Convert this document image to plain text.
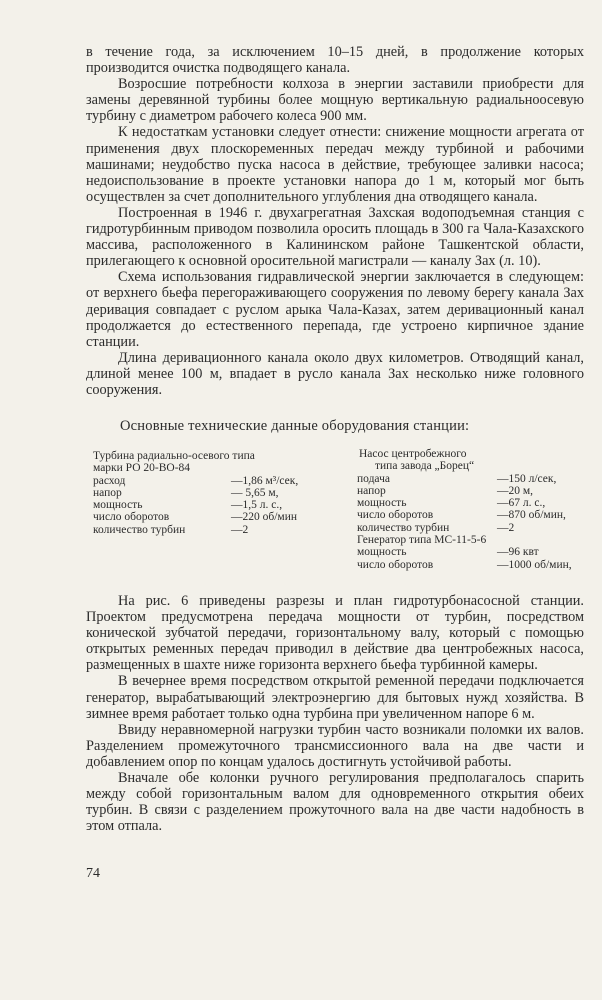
в течение года, за исключением 10–15 дней, в продолжение которых производится очистка подводящего канала.

Возросшие потребности колхоза в энергии заставили приобрести для замены деревянной турбины более мощную вертикальную радиальноосевую турбину с диаметром рабочего колеса 900 мм.

К недостаткам установки следует отнести: снижение мощности агрегата от применения двух плоскоременных передач между турбиной и рабочими машинами; неудобство пуска насоса в действие, требующее заливки насоса; недоиспользование в проекте установки напора до 1 м, который мог быть осуществлен за счет дополнительного углубления дна отводящего канала.

Построенная в 1946 г. двухагрегатная Захская водоподъемная станция с гидротурбинным приводом позволила оросить площадь в 300 га Чала-Казахского массива, расположенного в Калининском районе Ташкентской области, прилегающего к основной оросительной магистрали — каналу Зах (л. 10).

Схема использования гидравлической энергии заключается в следующем: от верхнего бьефа перегораживающего сооружения по левому берегу канала Зах деривация совпадает с руслом арыка Чала-Казах, затем деривационный канал продолжается до естественного перепада, где устроено кирпичное здание станции.

Длина деривационного канала около двух километров. Отводящий канал, длиной менее 100 м, впадает в русло канала Зах несколько ниже головного сооружения.

Основные технические данные оборудования станции:
Турбина радиально-осевого типа
марки РО 20-ВО-84
расход	—1,86 м³/сек,
напор	— 5,65 м,
мощность	—1,5 л. с.,
число оборотов	—220 об/мин
количество турбин	—2
Насос центробежного
типа завода „Борец“
подача	—150 л/сек,
напор	—20 м,
мощность	—67 л. с.,
число оборотов	—870 об/мин,
количество турбин	—2
Генератор типа МС-11-5-6
мощность	—96 квт
число оборотов	—1000 об/мин,

На рис. 6 приведены разрезы и план гидротурбонасосной станции. Проектом предусмотрена передача мощности от турбин, посредством конической зубчатой передачи, горизонтальному валу, который с помощью открытых ременных передач приводил в действие два центробежных насоса, размещенных в шахте ниже горизонта верхнего бьефа турбинной камеры.

В вечернее время посредством открытой ременной передачи подключается генератор, вырабатывающий электроэнергию для бытовых нужд хозяйства. В зимнее время работает только одна турбина при увеличенном напоре 6 м.

Ввиду неравномерной нагрузки турбин часто возникали поломки их валов. Разделением промежуточного трансмиссионного вала на две части и добавлением опор по концам удалось достигнуть устойчивой работы.

Вначале обе колонки ручного регулирования предполагалось спарить между собой горизонтальным валом для одновременного открытия обеих турбин. В связи с разделением прожуточного вала на две части надобность в этом отпала.

74
